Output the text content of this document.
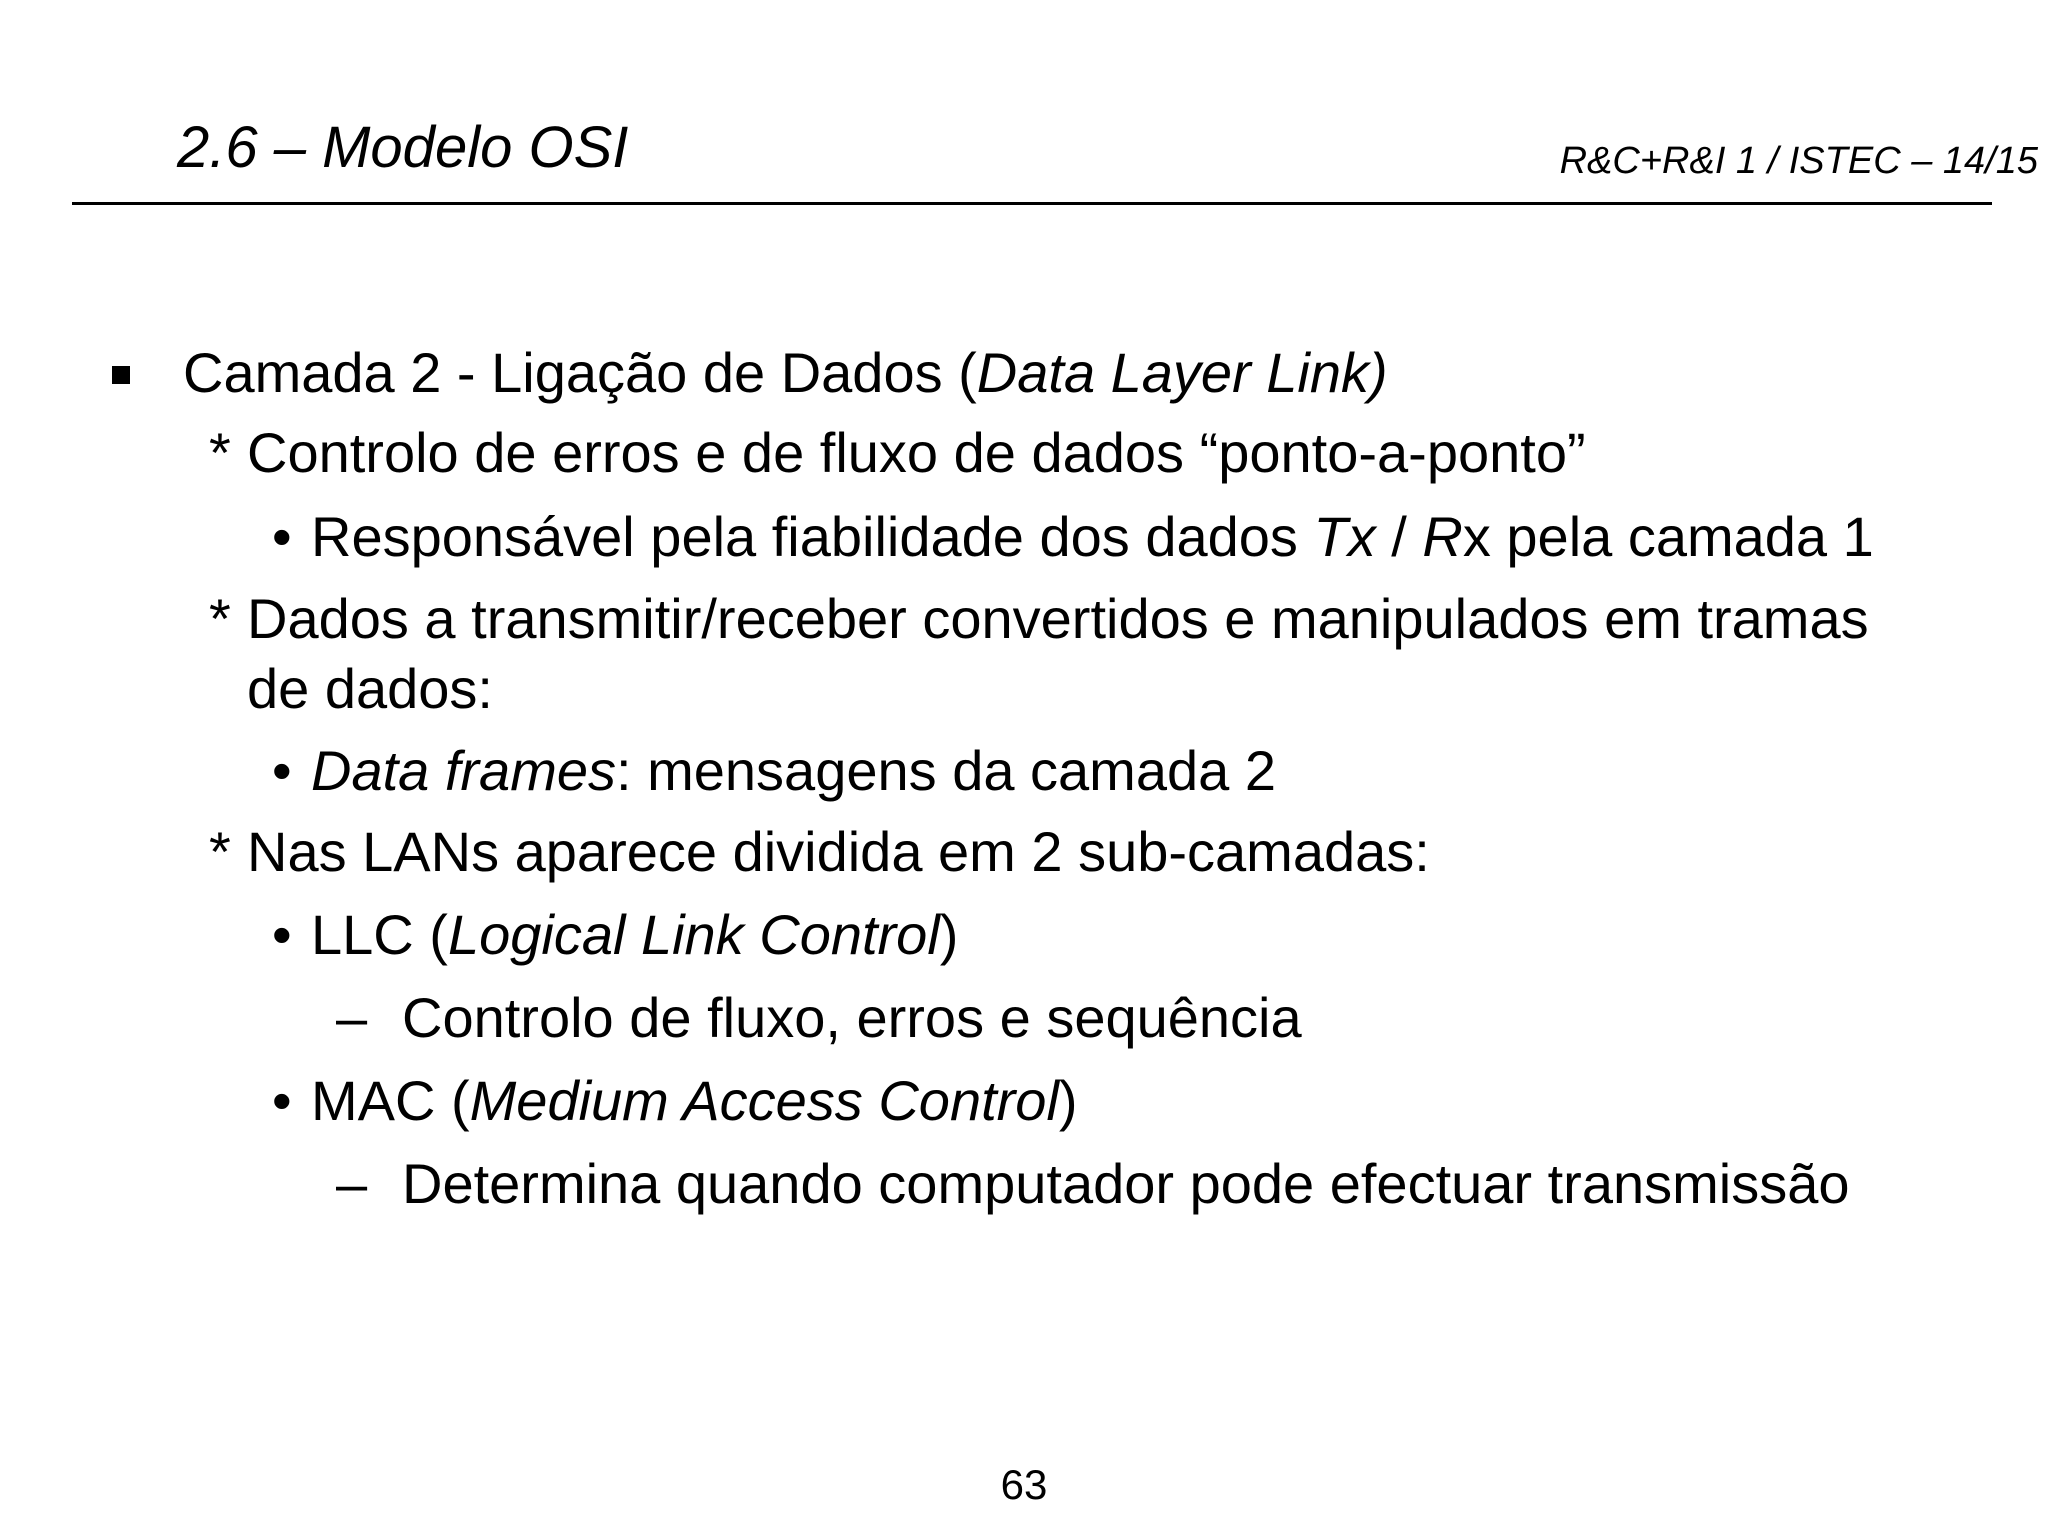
2.6 – Modelo OSI	R&C+R&I 1 / ISTEC – 14/15
Camada 2 - Ligação de Dados (Data Layer Link)
* Controlo de erros e de fluxo de dados “ponto-a-ponto”
• Responsável pela fiabilidade dos dados Tx / Rx pela camada 1
* Dados a transmitir/receber convertidos e manipulados em tramas
de dados:
• Data frames: mensagens da camada 2
* Nas LANs aparece dividida em 2 sub-camadas:
• LLC (Logical Link Control)
– Controlo de fluxo, erros e sequência
• MAC (Medium Access Control)
– Determina quando computador pode efectuar transmissão
63
